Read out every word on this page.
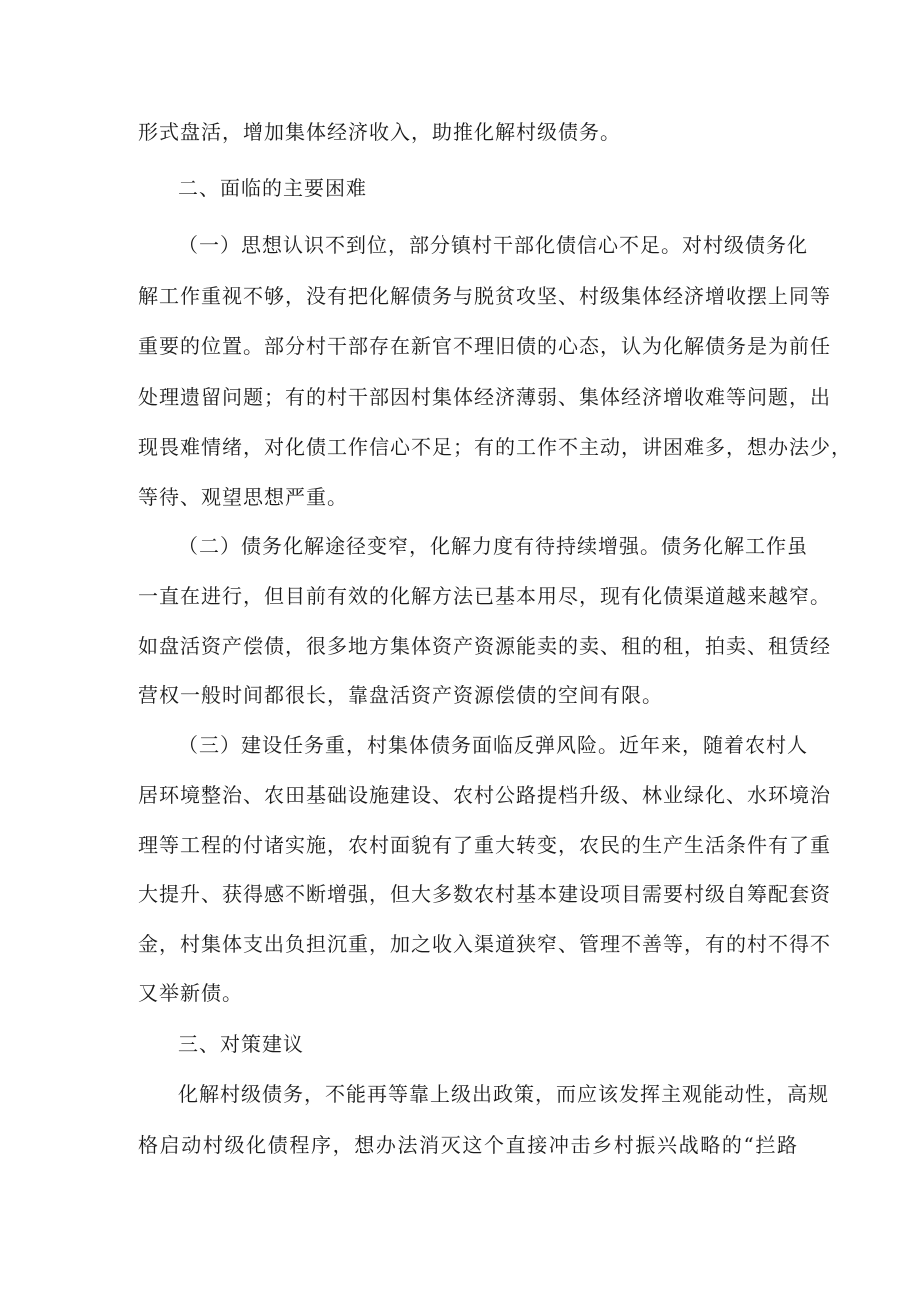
形式盘活，增加集体经济收入，助推化解村级债务。
二、面临的主要困难
（一）思想认识不到位，部分镇村干部化债信心不足。对村级债务化
解工作重视不够，没有把化解债务与脱贫攻坚、村级集体经济增收摆上同等
重要的位置。部分村干部存在新官不理旧债的心态，认为化解债务是为前任
处理遗留问题；有的村干部因村集体经济薄弱、集体经济增收难等问题，出
现畏难情绪，对化债工作信心不足；有的工作不主动，讲困难多，想办法少，
等待、观望思想严重。
（二）债务化解途径变窄，化解力度有待持续增强。债务化解工作虽
一直在进行，但目前有效的化解方法已基本用尽，现有化债渠道越来越窄。
如盘活资产偿债，很多地方集体资产资源能卖的卖、租的租，拍卖、租赁经
营权一般时间都很长，靠盘活资产资源偿债的空间有限。
（三）建设任务重，村集体债务面临反弹风险。近年来，随着农村人
居环境整治、农田基础设施建设、农村公路提档升级、林业绿化、水环境治
理等工程的付诸实施，农村面貌有了重大转变，农民的生产生活条件有了重
大提升、获得感不断增强，但大多数农村基本建设项目需要村级自筹配套资
金，村集体支出负担沉重，加之收入渠道狭窄、管理不善等，有的村不得不
又举新债。
三、对策建议
化解村级债务，不能再等靠上级出政策，而应该发挥主观能动性，高规
格启动村级化债程序，想办法消灭这个直接冲击乡村振兴战略的“拦路
